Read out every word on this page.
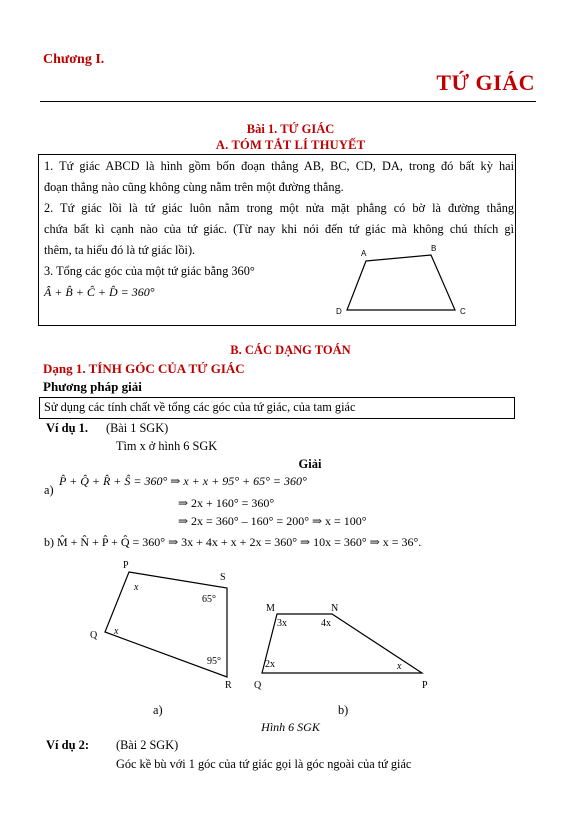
Chương I.
TỨ GIÁC
Bài 1. TỨ GIÁC
A. TÓM TẮT LÍ THUYẾT
1. Tứ giác ABCD là hình gồm bốn đoạn thẳng AB, BC, CD, DA, trong đó bất kỳ hai
đoạn thẳng nào cũng không cùng nằm trên một đường thẳng.
2. Tứ giác lồi là tứ giác luôn nằm trong một nửa mặt phẳng có bờ là đường thẳng
chứa bất kì cạnh nào của tứ giác. (Từ nay khi nói đến tứ giác mà không chú thích gì
thêm, ta hiểu đó là tứ giác lồi).
3. Tổng các góc của một tứ giác bằng 360°
Â + B̂ + Ĉ + D̂ = 360°
A
B
C
D
B. CÁC DẠNG TOÁN
Dạng 1. TÍNH GÓC CỦA TỨ GIÁC
Phương pháp giải
Sử dụng các tính chất về tổng các góc của tứ giác, của tam giác
Ví dụ 1. (Bài 1 SGK)
Tìm x ở hình 6 SGK
Giải
a)
P̂ + Q̂ + R̂ + Ŝ = 360° ⇒ x + x + 95° + 65° = 360°
⇒ 2x + 160° = 360°
⇒ 2x = 360° – 160° = 200° ⇒ x = 100°
b) M̂ + N̂ + P̂ + Q̂ = 360° ⇒ 3x + 4x + x + 2x = 360° ⇒ 10x = 360° ⇒ x = 36°.
P
S
Q
R
x
x
65°
95°
M	N
Q	P
3x	4x
2x	x
a)	b)
Hình 6 SGK
Ví dụ 2: (Bài 2 SGK)
Góc kề bù với 1 góc của tứ giác gọi là góc ngoài của tứ giác
